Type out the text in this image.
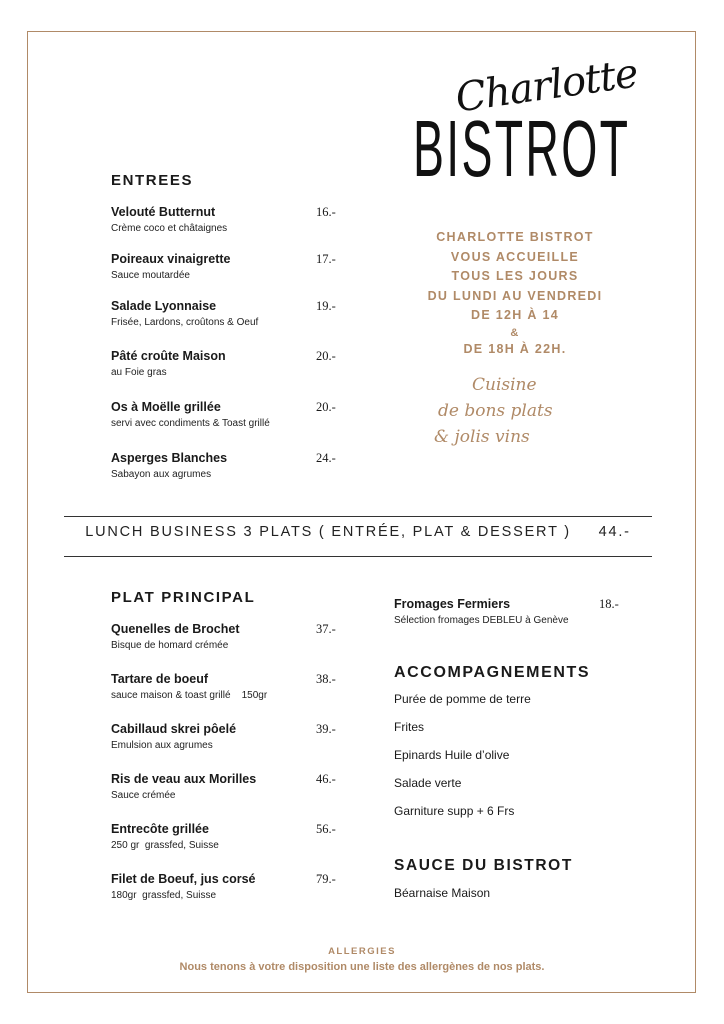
Charlotte
BISTROT
ENTREES
Velouté Butternut
Crème coco et châtaignes
16.-
Poireaux vinaigrette
Sauce moutardée
17.-
Salade Lyonnaise
Frisée, Lardons, croûtons & Oeuf
19.-
Pâté croûte Maison
au Foie gras
20.-
Os à Moëlle grillée
servi avec condiments & Toast grillé
20.-
Asperges Blanches
Sabayon aux agrumes
24.-
CHARLOTTE BISTROT
VOUS ACCUEILLE
TOUS LES JOURS
DU LUNDI AU VENDREDI
DE 12H À 14
&
DE 18H À 22H.
Cuisine
de bons plats
& jolis vins
LUNCH BUSINESS 3 PLATS ( ENTRÉE, PLAT & DESSERT ) 44.-
PLAT PRINCIPAL
Quenelles de Brochet
Bisque de homard crémée
37.-
Tartare de boeuf
sauce maison & toast grillé    150gr
38.-
Cabillaud skrei pôelé
Emulsion aux agrumes
39.-
Ris de veau aux Morilles
Sauce crémée
46.-
Entrecôte grillée
250 gr  grassfed, Suisse
56.-
Filet de Boeuf, jus corsé
180gr  grassfed, Suisse
79.-
Fromages Fermiers
Sélection fromages DEBLEU à Genève
18.-
ACCOMPAGNEMENTS
Purée de pomme de terre
Frites
Epinards Huile d’olive
Salade verte
Garniture supp + 6 Frs
SAUCE DU BISTROT
Béarnaise Maison
ALLERGIES
Nous tenons à votre disposition une liste des allergènes de nos plats.
